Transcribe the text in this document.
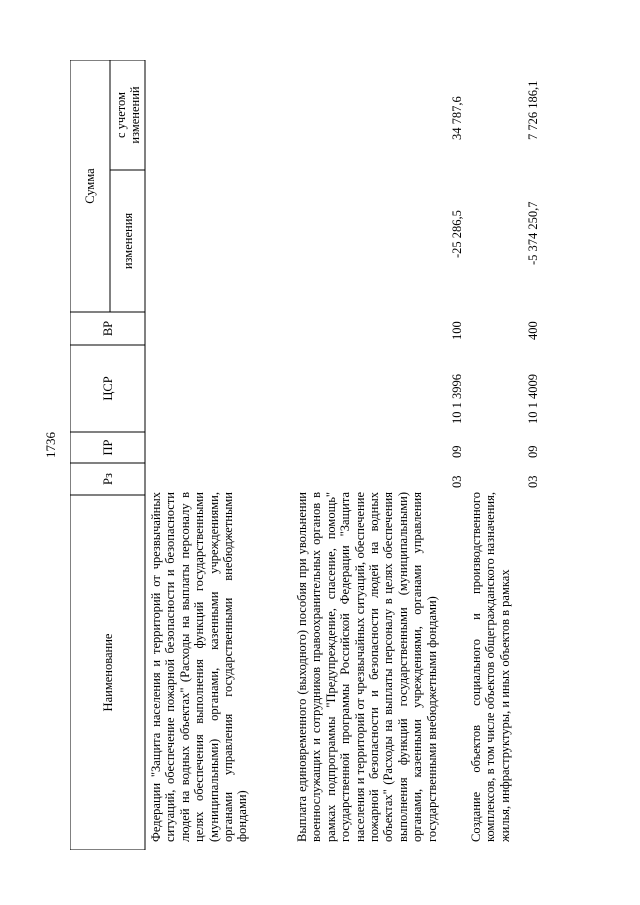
1736
Наименование
Рз
ПР
ЦСР
ВР
Сумма
изменения
с учетом изменений
Федерации "Защита населения и территорий от чрезвычайных ситуаций, обеспечение пожарной безопасности и безопасности людей на водных объектах" (Расходы на выплаты персоналу в целях обеспечения выполнения функций государственными (муниципальными) органами, казенными учреждениями, органами управления государственными внебюджетными фондами)	Выплата единовременного (выходного) пособия при увольнении военнослужащих и сотрудников правоохранительных органов в рамках подпрограммы "Предупреждение, спасение, помощь" государственной программы Российской Федерации "Защита населения и территорий от чрезвычайных ситуаций, обеспечение пожарной безопасности и безопасности людей на водных объектах" (Расходы на выплаты персоналу в целях обеспечения выполнения функций государственными (муниципальными) органами, казенными учреждениями, органами управления государственными внебюджетными фондами)
03
09
10 1 3996
100
-25 286,5
34 787,6
Создание объектов социального и производственного комплексов, в том числе объектов общегражданского назначения, жилья, инфраструктуры, и иных объектов в рамках
03
09
10 1 4009
400
-5 374 250,7
7 726 186,1
